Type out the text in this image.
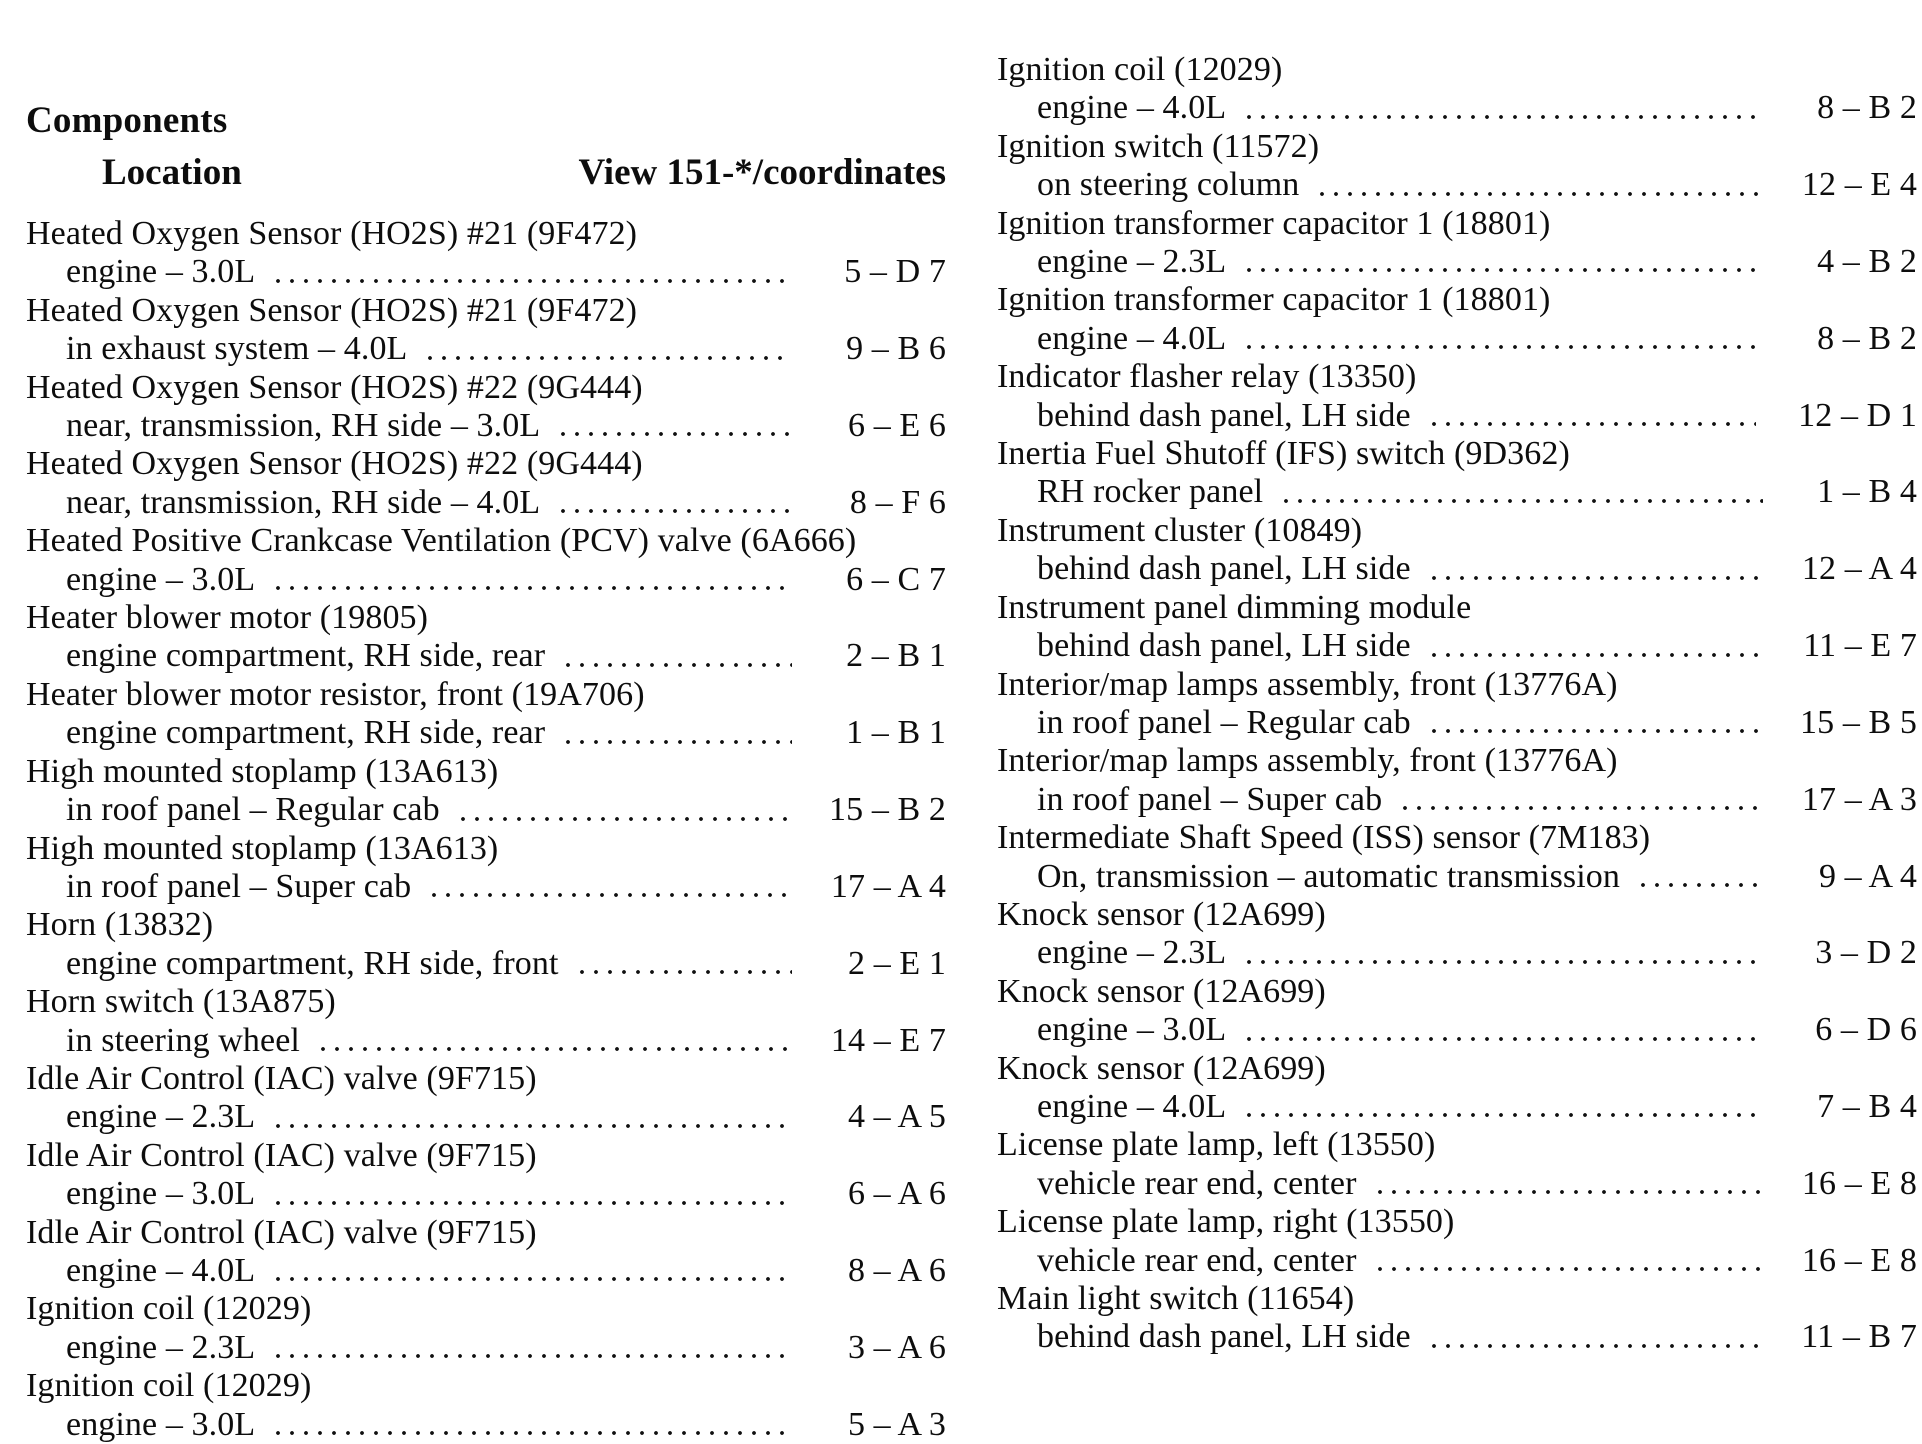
Components
Location	View 151-*/coordinates
Heated Oxygen Sensor (HO2S) #21 (9F472)
engine – 3.0L	5 – D 7
Heated Oxygen Sensor (HO2S) #21 (9F472)
in exhaust system – 4.0L	9 – B 6
Heated Oxygen Sensor (HO2S) #22 (9G444)
near, transmission, RH side – 3.0L	6 – E 6
Heated Oxygen Sensor (HO2S) #22 (9G444)
near, transmission, RH side – 4.0L	8 – F 6
Heated Positive Crankcase Ventilation (PCV) valve (6A666)
engine – 3.0L	6 – C 7
Heater blower motor (19805)
engine compartment, RH side, rear	2 – B 1
Heater blower motor resistor, front (19A706)
engine compartment, RH side, rear	1 – B 1
High mounted stoplamp (13A613)
in roof panel – Regular cab	15 – B 2
High mounted stoplamp (13A613)
in roof panel – Super cab	17 – A 4
Horn (13832)
engine compartment, RH side, front	2 – E 1
Horn switch (13A875)
in steering wheel	14 – E 7
Idle Air Control (IAC) valve (9F715)
engine – 2.3L	4 – A 5
Idle Air Control (IAC) valve (9F715)
engine – 3.0L	6 – A 6
Idle Air Control (IAC) valve (9F715)
engine – 4.0L	8 – A 6
Ignition coil (12029)
engine – 2.3L	3 – A 6
Ignition coil (12029)
engine – 3.0L	5 – A 3
Ignition coil (12029)
engine – 4.0L	8 – B 2
Ignition switch (11572)
on steering column	12 – E 4
Ignition transformer capacitor 1 (18801)
engine – 2.3L	4 – B 2
Ignition transformer capacitor 1 (18801)
engine – 4.0L	8 – B 2
Indicator flasher relay (13350)
behind dash panel, LH side	12 – D 1
Inertia Fuel Shutoff (IFS) switch (9D362)
RH rocker panel	1 – B 4
Instrument cluster (10849)
behind dash panel, LH side	12 – A 4
Instrument panel dimming module
behind dash panel, LH side	11 – E 7
Interior/map lamps assembly, front (13776A)
in roof panel – Regular cab	15 – B 5
Interior/map lamps assembly, front (13776A)
in roof panel – Super cab	17 – A 3
Intermediate Shaft Speed (ISS) sensor (7M183)
On, transmission – automatic transmission	9 – A 4
Knock sensor (12A699)
engine – 2.3L	3 – D 2
Knock sensor (12A699)
engine – 3.0L	6 – D 6
Knock sensor (12A699)
engine – 4.0L	7 – B 4
License plate lamp, left (13550)
vehicle rear end, center	16 – E 8
License plate lamp, right (13550)
vehicle rear end, center	16 – E 8
Main light switch (11654)
behind dash panel, LH side	11 – B 7
